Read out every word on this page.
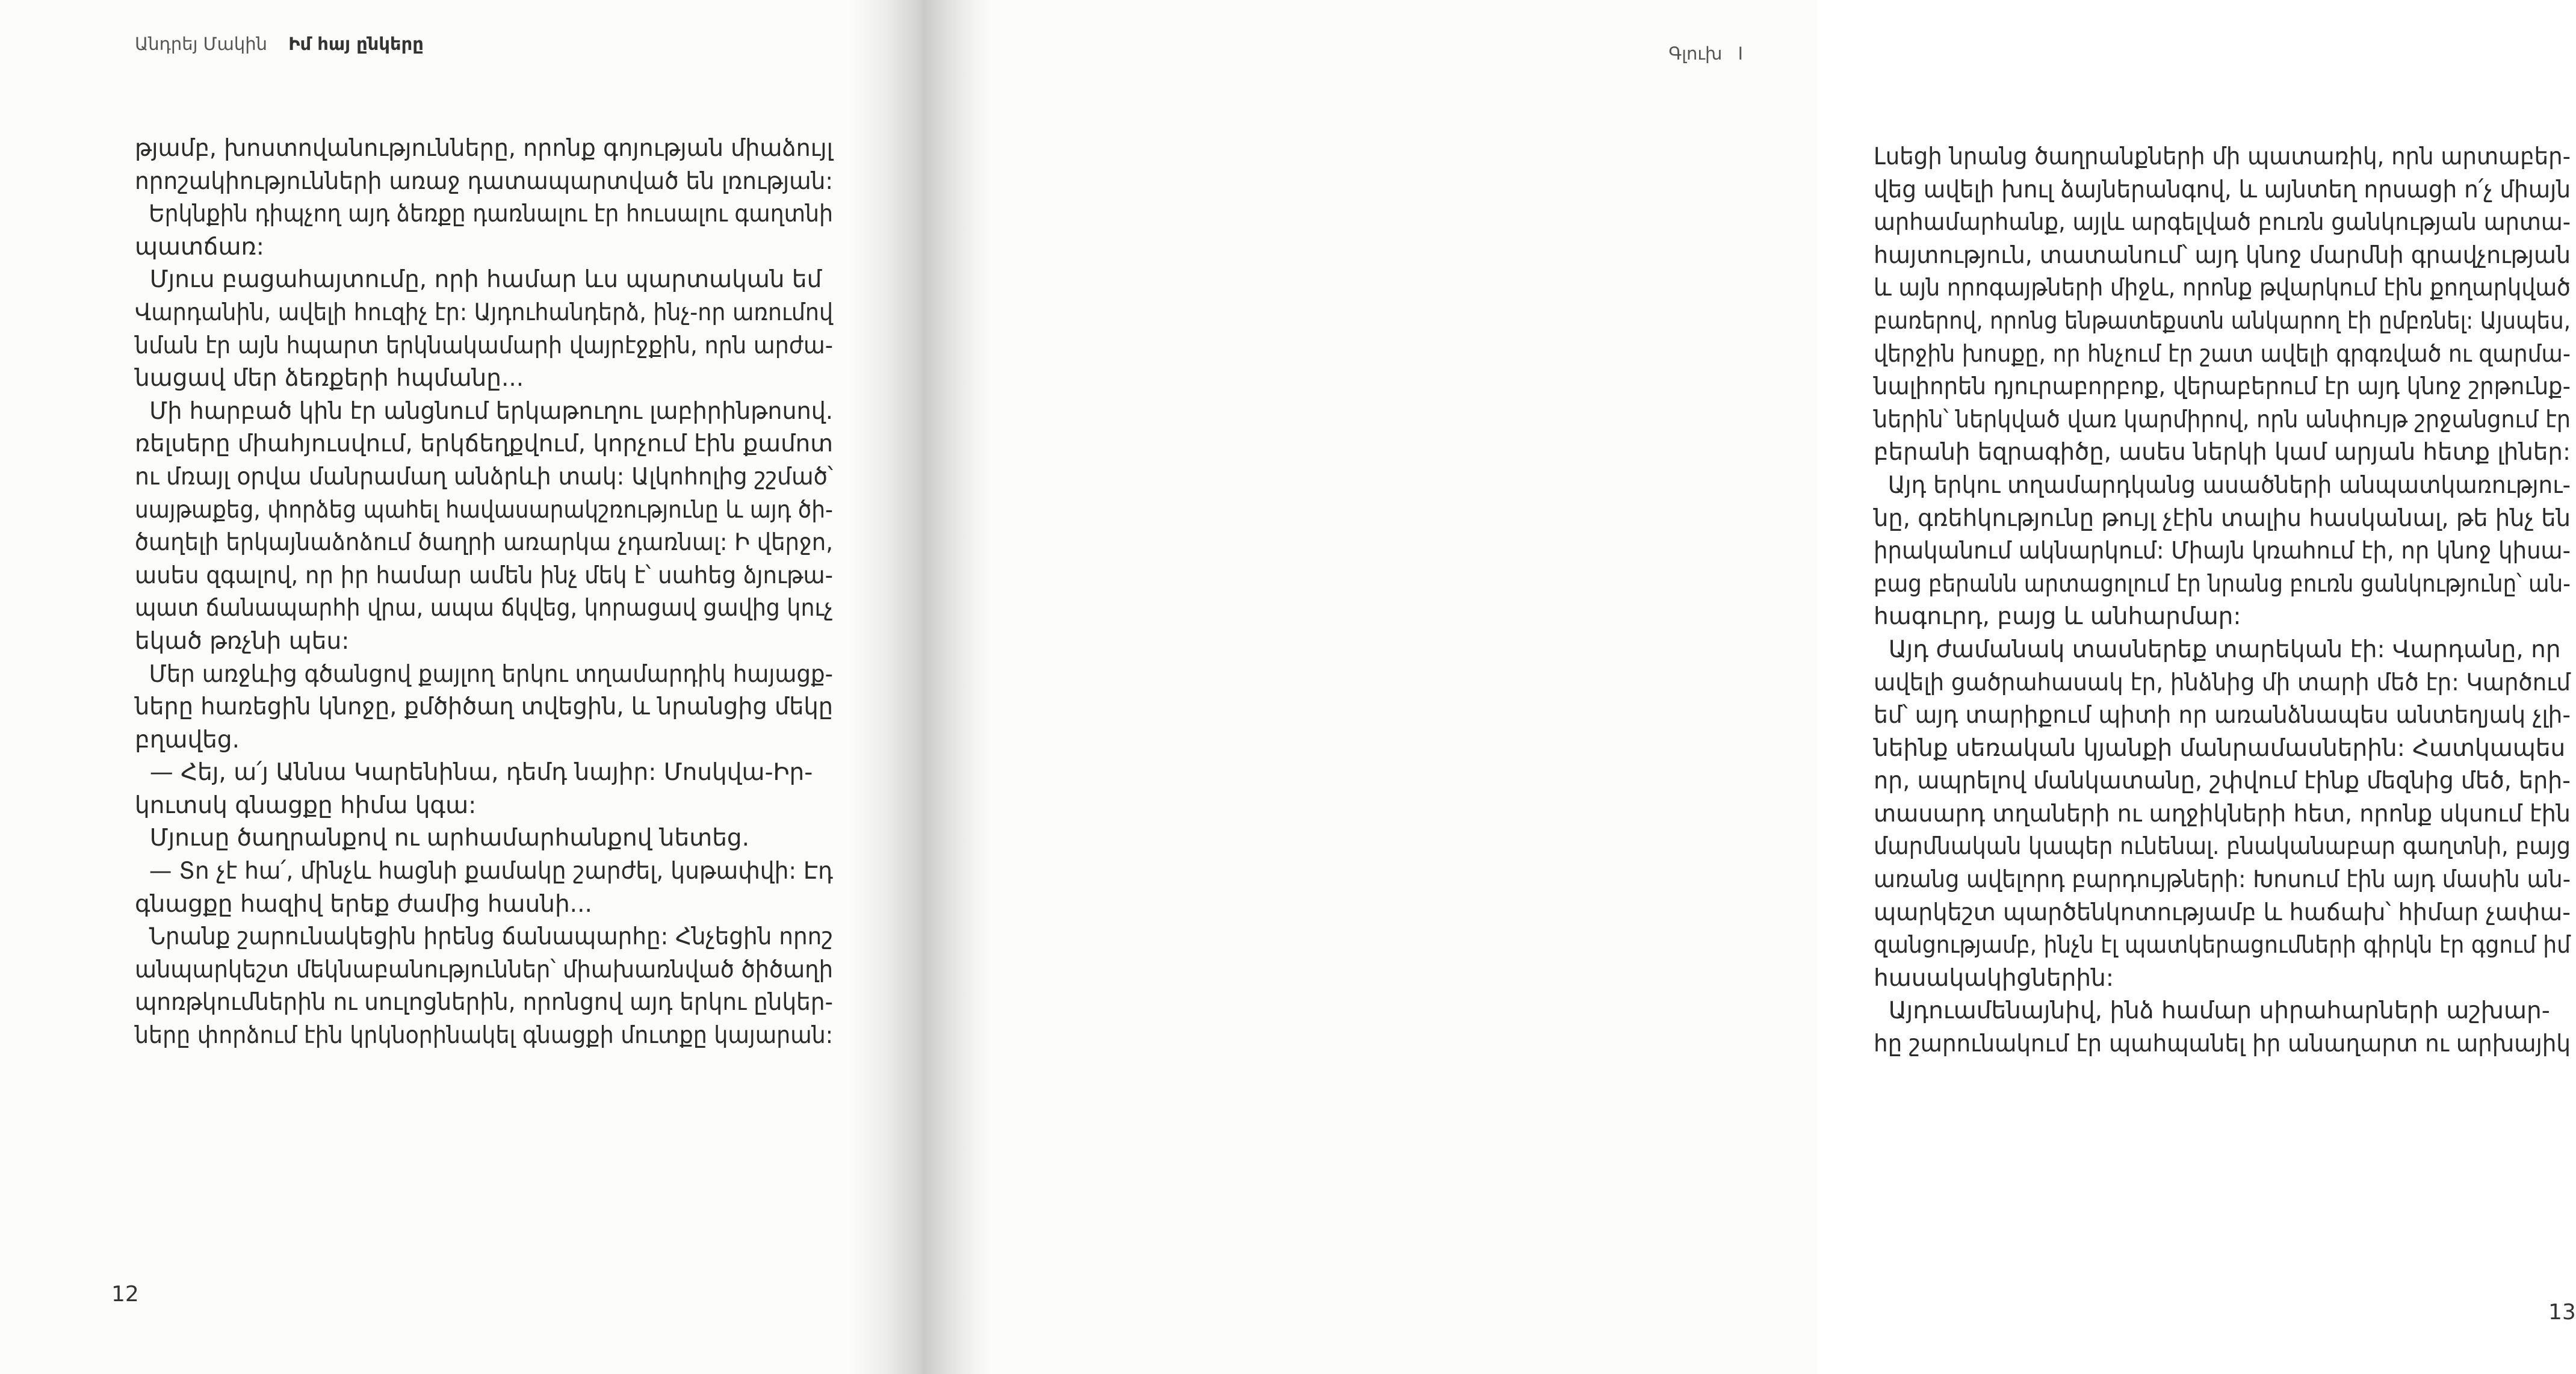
Անդրեյ Մակին Իմ հայ ընկերը
թյամբ, խոստովանությունները, որոնք գոյության միաձույլ
որոշակիությունների առաջ դատապարտված են լռության:
Երկնքին դիպչող այդ ձեռքը դառնալու էր հուսալու գաղտնի
պատճառ:
Մյուս բացահայտումը, որի համար ևս պարտական եմ
Վարդանին, ավելի հուզիչ էր: Այդուհանդերձ, ինչ-որ առումով
նման էր այն հպարտ երկնակամարի վայրէջքին, որն արժա-
նացավ մեր ձեռքերի հպմանը...
Մի հարբած կին էր անցնում երկաթուղու լաբիրինթոսով.
ռելսերը միահյուսվում, երկճեղքվում, կորչում էին քամոտ
ու մռայլ օրվա մանրամաղ անձրևի տակ: Ալկոհոլից շշմած՝
սայթաքեց, փորձեց պահել հավասարակշռությունը և այդ ծի-
ծաղելի երկայնաձոձում ծաղրի առարկա չդառնալ: Ի վերջո,
ասես զգալով, որ իր համար ամեն ինչ մեկ է՝ սահեց ձյութա-
պատ ճանապարհի վրա, ապա ճկվեց, կորացավ ցավից կուչ
եկած թռչնի պես:
Մեր առջևից գծանցով քայլող երկու տղամարդիկ հայացք-
ները հառեցին կնոջը, քմծիծաղ տվեցին, և նրանցից մեկը
բղավեց.
— Հեյ, ա՛յ Աննա Կարենինա, դեմդ նայիր: Մոսկվա-Իր-
կուտսկ գնացքը հիմա կգա:
Մյուսը ծաղրանքով ու արհամարհանքով նետեց.
— Տո չէ հա՛, մինչև հացնի քամակը շարժել, կսթափվի: Էդ
գնացքը հազիվ երեք ժամից հասնի...
Նրանք շարունակեցին իրենց ճանապարհը: Հնչեցին որոշ
անպարկեշտ մեկնաբանություններ՝ միախառնված ծիծաղի
պոռթկումներին ու սուլոցներին, որոնցով այդ երկու ընկեր-
ները փորձում էին կրկնօրինակել գնացքի մուտքը կայարան:
12
Գլուխ I
Լսեցի նրանց ծաղրանքների մի պատառիկ, որն արտաբեր-
վեց ավելի խուլ ձայներանգով, և այնտեղ որսացի ո՛չ միայն
արհամարհանք, այլև արգելված բուռն ցանկության արտա-
հայտություն, տատանում՝ այդ կնոջ մարմնի գրավչության
և այն որոգայթների միջև, որոնք թվարկում էին քողարկված
բառերով, որոնց ենթատեքստն անկարող էի ըմբռնել: Այսպես,
վերջին խոսքը, որ հնչում էր շատ ավելի գրգռված ու զարմա-
նալիորեն դյուրաբորբոք, վերաբերում էր այդ կնոջ շրթունք-
ներին՝ ներկված վառ կարմիրով, որն անփույթ շրջանցում էր
բերանի եզրագիծը, ասես ներկի կամ արյան հետք լիներ:
Այդ երկու տղամարդկանց ասածների անպատկառությու-
նը, գռեհկությունը թույլ չէին տալիս հասկանալ, թե ինչ են
իրականում ակնարկում: Միայն կռահում էի, որ կնոջ կիսա-
բաց բերանն արտացոլում էր նրանց բուռն ցանկությունը՝ ան-
հագուրդ, բայց և անհարմար:
Այդ ժամանակ տասներեք տարեկան էի: Վարդանը, որ
ավելի ցածրահասակ էր, ինձնից մի տարի մեծ էր: Կարծում
եմ՝ այդ տարիքում պիտի որ առանձնապես անտեղյակ չլի-
նեինք սեռական կյանքի մանրամասներին: Հատկապես
որ, ապրելով մանկատանը, շփվում էինք մեզնից մեծ, երի-
տասարդ տղաների ու աղջիկների հետ, որոնք սկսում էին
մարմնական կապեր ունենալ. բնականաբար գաղտնի, բայց
առանց ավելորդ բարդույթների: Խոսում էին այդ մասին ան-
պարկեշտ պարծենկոտությամբ և հաճախ՝ հիմար չափա-
զանցությամբ, ինչն էլ պատկերացումների գիրկն էր գցում իմ
հասակակիցներին:
Այդուամենայնիվ, ինձ համար սիրահարների աշխար-
հը շարունակում էր պահպանել իր անաղարտ ու արխայիկ
13
